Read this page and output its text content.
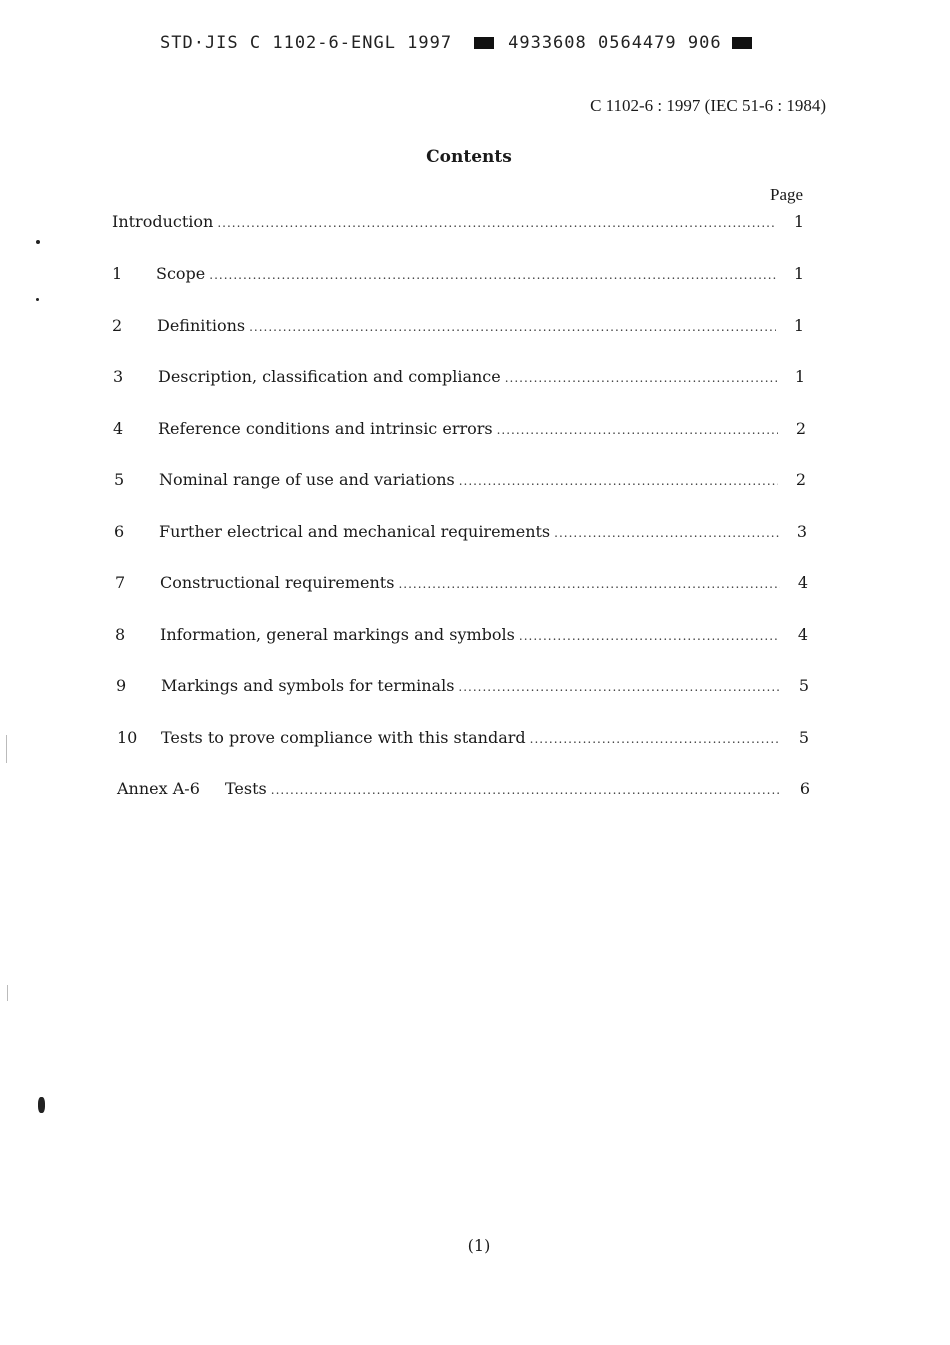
STD·JIS C 1102-6-ENGL 1997	4933608 0564479 906
C 1102-6 : 1997 (IEC 51-6 : 1984)
Contents
Page
Introduction .....	1
1	Scope .....	1
2	Definitions .....	1
3	Description, classification and compliance .....	1
4	Reference conditions and intrinsic errors .....	2
5	Nominal range of use and variations .....	2
6	Further electrical and mechanical requirements .....	3
7	Constructional requirements .....	4
8	Information, general markings and symbols .....	4
9	Markings and symbols for terminals .....	5
10	Tests to prove compliance with this standard .....	5
Annex A-6	Tests .....	6
(1)
